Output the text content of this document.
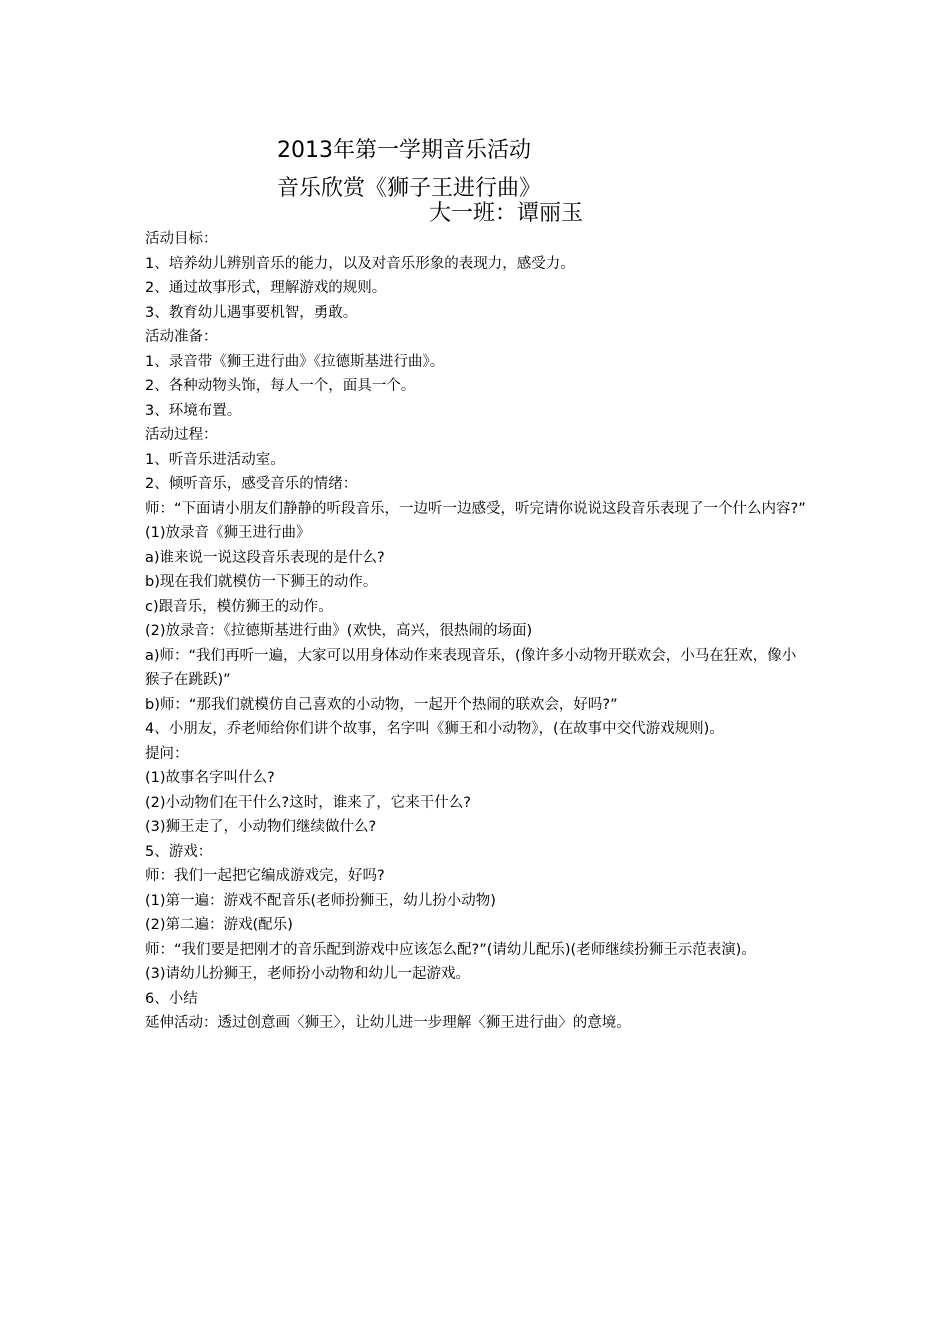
2013年第一学期音乐活动
音乐欣赏《狮子王进行曲》
大一班：谭丽玉

活动目标：

1、培养幼儿辨别音乐的能力，以及对音乐形象的表现力，感受力。

2、通过故事形式，理解游戏的规则。

3、教育幼儿遇事要机智，勇敢。

活动准备：

1、录音带《狮王进行曲》《拉德斯基进行曲》。

2、各种动物头饰，每人一个，面具一个。

3、环境布置。

活动过程：

1、听音乐进活动室。

2、倾听音乐，感受音乐的情绪：

师：“下面请小朋友们静静的听段音乐，一边听一边感受，听完请你说说这段音乐表现了一个什么内容?”

(1)放录音《狮王进行曲》

a)谁来说一说这段音乐表现的是什么?

b)现在我们就模仿一下狮王的动作。

c)跟音乐，模仿狮王的动作。

(2)放录音：《拉德斯基进行曲》(欢快，高兴，很热闹的场面)

a)师：“我们再听一遍，大家可以用身体动作来表现音乐，(像许多小动物开联欢会，小马在狂欢，像小猴子在跳跃)”

b)师：“那我们就模仿自己喜欢的小动物，一起开个热闹的联欢会，好吗?”

4、小朋友，乔老师给你们讲个故事，名字叫《狮王和小动物》，(在故事中交代游戏规则)。

提问：

(1)故事名字叫什么?

(2)小动物们在干什么?这时，谁来了，它来干什么?

(3)狮王走了，小动物们继续做什么?

5、游戏：

师：我们一起把它编成游戏完，好吗?

(1)第一遍：游戏不配音乐(老师扮狮王，幼儿扮小动物)

(2)第二遍：游戏(配乐)

师：“我们要是把刚才的音乐配到游戏中应该怎么配?”(请幼儿配乐)(老师继续扮狮王示范表演)。

(3)请幼儿扮狮王，老师扮小动物和幼儿一起游戏。

6、小结

延伸活动：透过创意画〈狮王〉，让幼儿进一步理解〈狮王进行曲〉的意境。
